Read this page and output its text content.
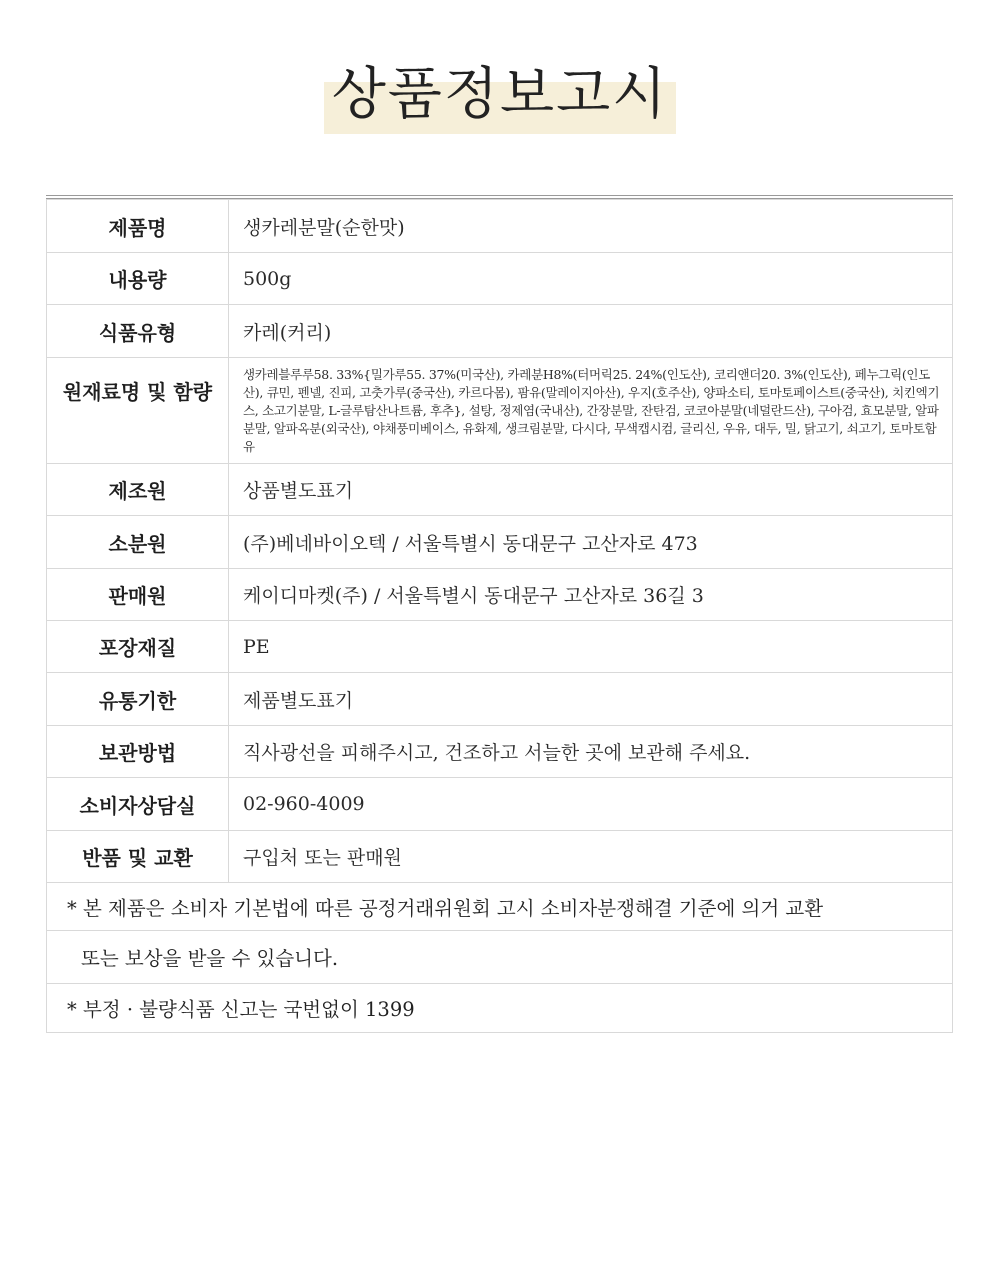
상품정보고시
제품명	생카레분말(순한맛)
내용량	500g
식품유형	카레(커리)
원재료명 및 함량	생카레블루루58. 33%{밀가루55. 37%(미국산), 카레분H8%(터머릭25. 24%(인도산), 코리앤더20. 3%(인도산), 페누그릭(인도산), 큐민, 펜넬, 진피, 고춧가루(중국산), 카르다몸), 팜유(말레이지아산), 우지(호주산), 양파소티, 토마토페이스트(중국산), 치킨엑기스, 소고기분말, L-글루탐산나트륨, 후추}, 설탕, 정제염(국내산), 간장분말, 잔탄검, 코코아분말(네덜란드산), 구아검, 효모분말, 알파분말, 알파옥분(외국산), 야채풍미베이스, 유화제, 생크림분말, 다시다, 무색캡시컴, 글리신, 우유, 대두, 밀, 닭고기, 쇠고기, 토마토함유
제조원	상품별도표기
소분원	(주)베네바이오텍 / 서울특별시 동대문구 고산자로 473
판매원	케이디마켓(주) / 서울특별시 동대문구 고산자로 36길 3
포장재질	PE
유통기한	제품별도표기
보관방법	직사광선을 피해주시고, 건조하고 서늘한 곳에 보관해 주세요.
소비자상담실	02-960-4009
반품 및 교환	구입처 또는 판매원
* 본 제품은 소비자 기본법에 따른 공정거래위원회 고시 소비자분쟁해결 기준에 의거 교환	
또는 보상을 받을 수 있습니다.	
* 부정 · 불량식품 신고는 국번없이 1399	
